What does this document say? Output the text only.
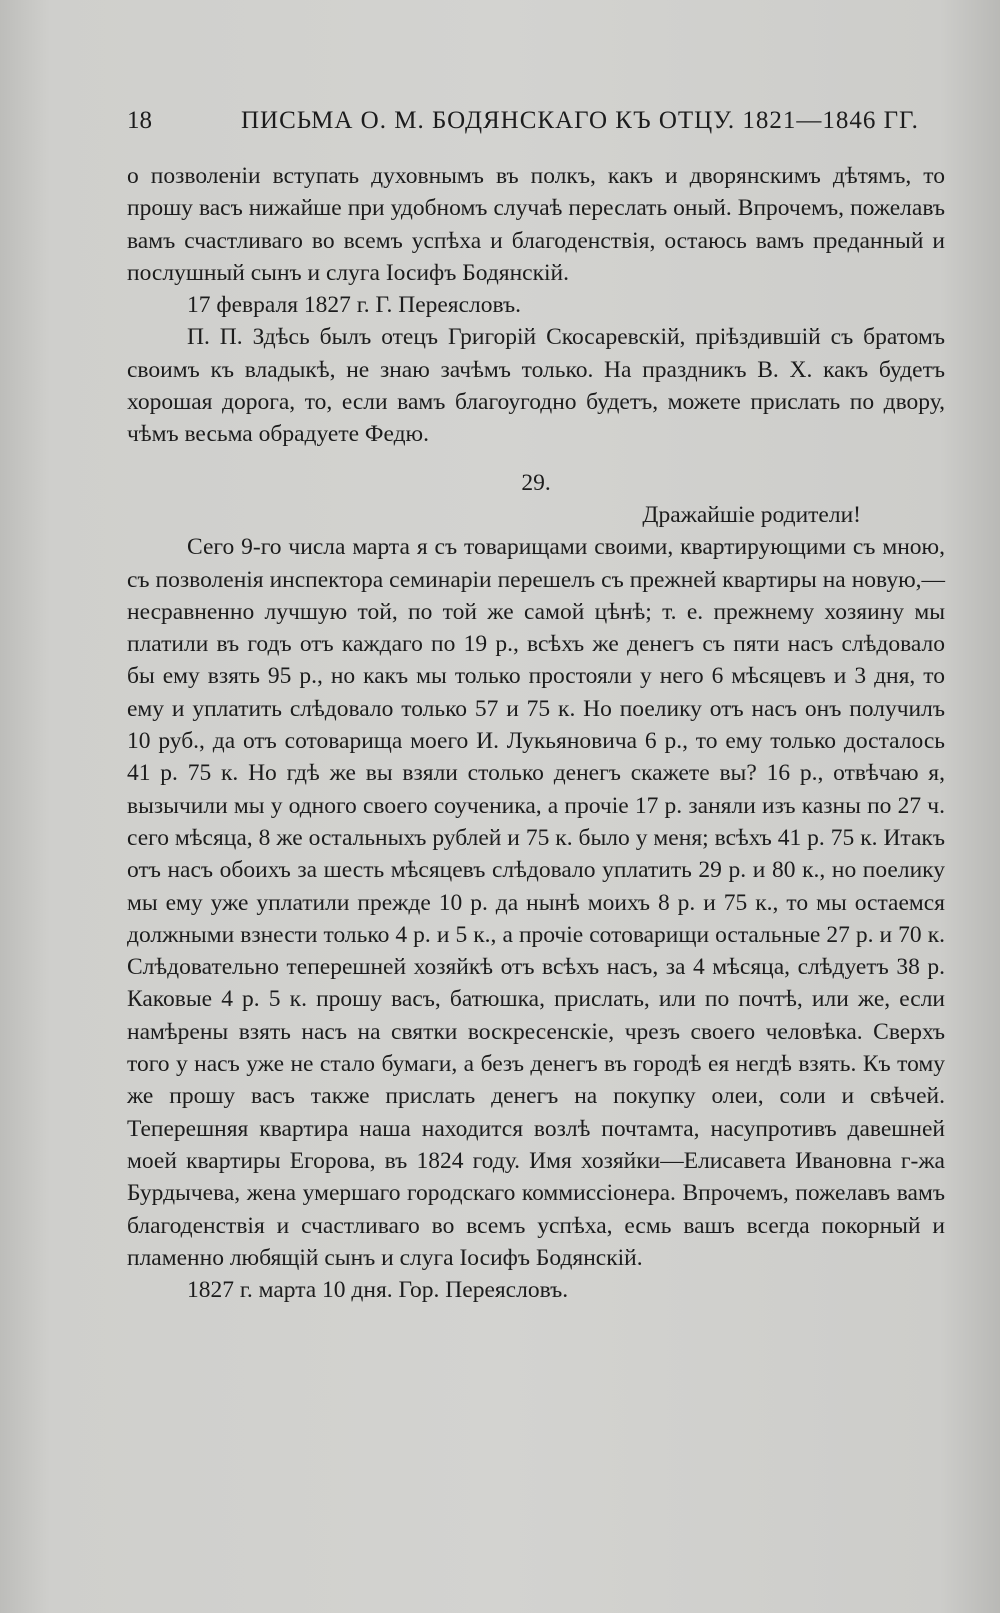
18	ПИСЬМА О. М. БОДЯНСКАГО КЪ ОТЦУ. 1821—1846 ГГ.

о позволеніи вступать духовнымъ въ полкъ, какъ и дворянскимъ дѣтямъ, то прошу васъ нижайше при удобномъ случаѣ переслать оный. Впрочемъ, пожелавъ вамъ счастливаго во всемъ успѣха и благоденствія, остаюсь вамъ преданный и послушный сынъ и слуга Іосифъ Бодянскій.

17 февраля 1827 г. Г. Переясловъ.

П. П. Здѣсь былъ отецъ Григорій Скосаревскій, пріѣздившій съ братомъ своимъ къ владыкѣ, не знаю зачѣмъ только. На праздникъ В. Х. какъ будетъ хорошая дорога, то, если вамъ благоугодно будетъ, можете прислать по двору, чѣмъ весьма обрадуете Федю.

29.

Дражайшіе родители!

Сего 9-го числа марта я съ товарищами своими, квартирующими съ мною, съ позволенія инспектора семинаріи перешелъ съ прежней квартиры на новую,—несравненно лучшую той, по той же самой цѣнѣ; т. е. прежнему хозяину мы платили въ годъ отъ каждаго по 19 р., всѣхъ же денегъ съ пяти насъ слѣдовало бы ему взять 95 р., но какъ мы только простояли у него 6 мѣсяцевъ и 3 дня, то ему и уплатить слѣдовало только 57 и 75 к. Но поелику отъ насъ онъ получилъ 10 руб., да отъ сотоварища моего И. Лукьяновича 6 р., то ему только досталось 41 р. 75 к. Но гдѣ же вы взяли столько денегъ скажете вы? 16 р., отвѣчаю я, вызычили мы у одного своего соученика, а прочіе 17 р. заняли изъ казны по 27 ч. сего мѣсяца, 8 же остальныхъ рублей и 75 к. было у меня; всѣхъ 41 р. 75 к. Итакъ отъ насъ обоихъ за шесть мѣсяцевъ слѣдовало уплатить 29 р. и 80 к., но поелику мы ему уже уплатили прежде 10 р. да нынѣ моихъ 8 р. и 75 к., то мы остаемся должными взнести только 4 р. и 5 к., а прочіе сотоварищи остальные 27 р. и 70 к. Слѣдовательно теперешней хозяйкѣ отъ всѣхъ насъ, за 4 мѣсяца, слѣдуетъ 38 р. Каковые 4 р. 5 к. прошу васъ, батюшка, прислать, или по почтѣ, или же, если намѣрены взять насъ на святки воскресенскіе, чрезъ своего человѣка. Сверхъ того у насъ уже не стало бумаги, а безъ денегъ въ городѣ ея негдѣ взять. Къ тому же прошу васъ также прислать денегъ на покупку олеи, соли и свѣчей. Теперешняя квартира наша находится возлѣ почтамта, насупротивъ давешней моей квартиры Егорова, въ 1824 году. Имя хозяйки—Елисавета Ивановна г-жа Бурдычева, жена умершаго городскаго коммиссіонера. Впрочемъ, пожелавъ вамъ благоденствія и счастливаго во всемъ успѣха, есмь вашъ всегда покорный и пламенно любящій сынъ и слуга Іосифъ Бодянскій.

1827 г. марта 10 дня. Гор. Переясловъ.
